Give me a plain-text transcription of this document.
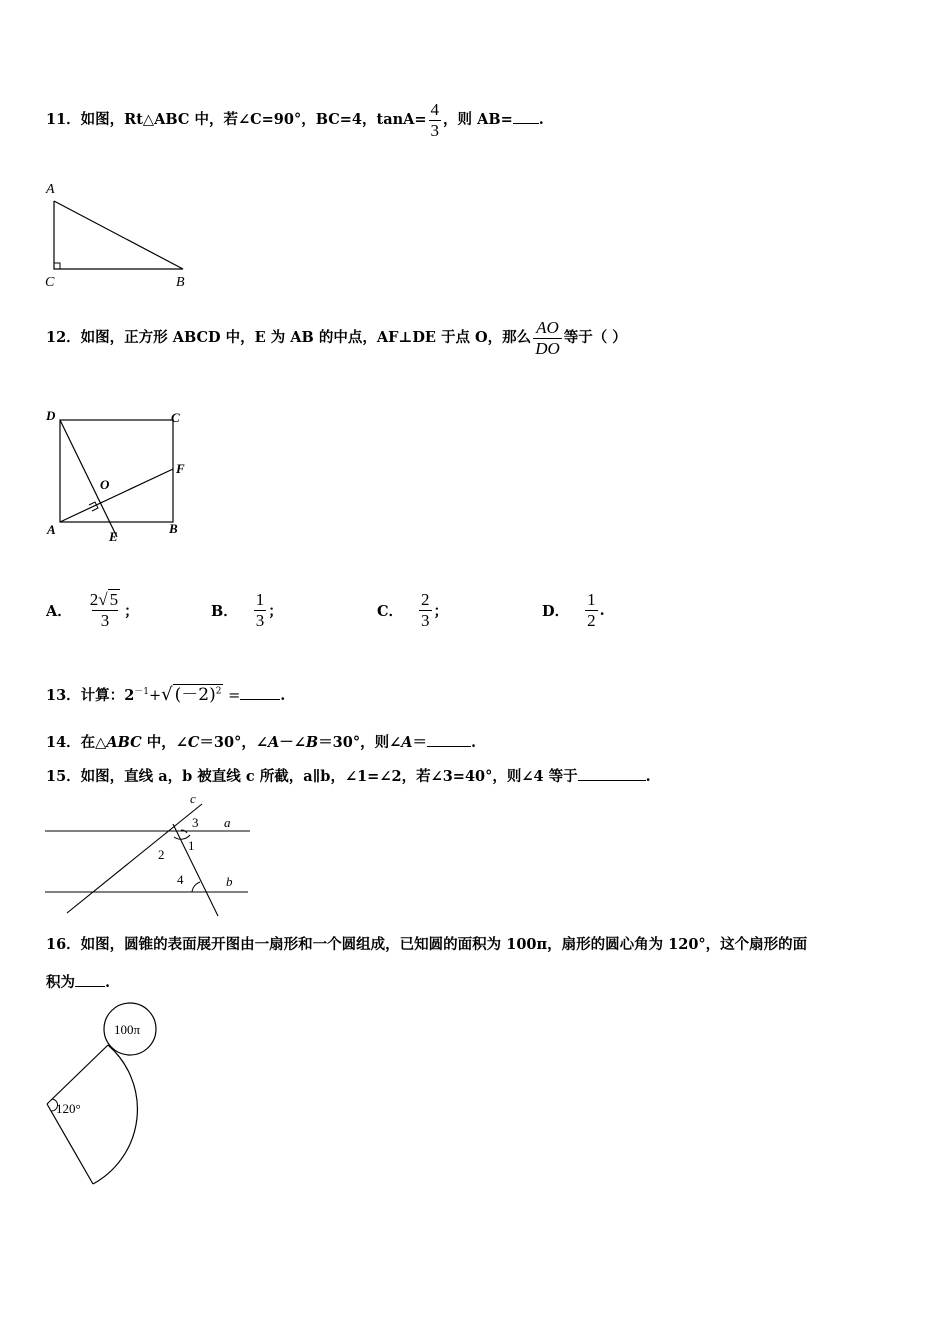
11．如图，Rt△ABC 中，若∠C=90°，BC=4，$\tan A= \frac{4}{3}$ ，则 AB= .
A
C	B
12．如图，正方形 ABCD 中，E 为 AB 的中点，AF⊥DE 于点 O，那么 $\frac{AO}{DO}$ 等于（ ）
D	C
F
O
A	E
B
A． $\frac{2√ 5}{3}$ ；	B． $\frac{1}{3}$ ；	C． $\frac{2}{3}$ ；	D． $\frac{1}{2}$ .
13．计算：$2^{-1}+√$ $(-2)^2$ =	.
14．在△ABC 中，∠C＝30°，∠A－∠B＝30°，则∠A＝	.
15．如图，直线 a，b 被直线 c 所截，a∥b，∠1=∠2，若∠3=40°，则∠4 等于	.
c
a
b
3
1
2
4
16．如图，圆锥的表面展开图由一扇形和一个圆组成，已知圆的面积为 100π，扇形的圆心角为 120°，这个扇形的面
积为 .
100π
120°
